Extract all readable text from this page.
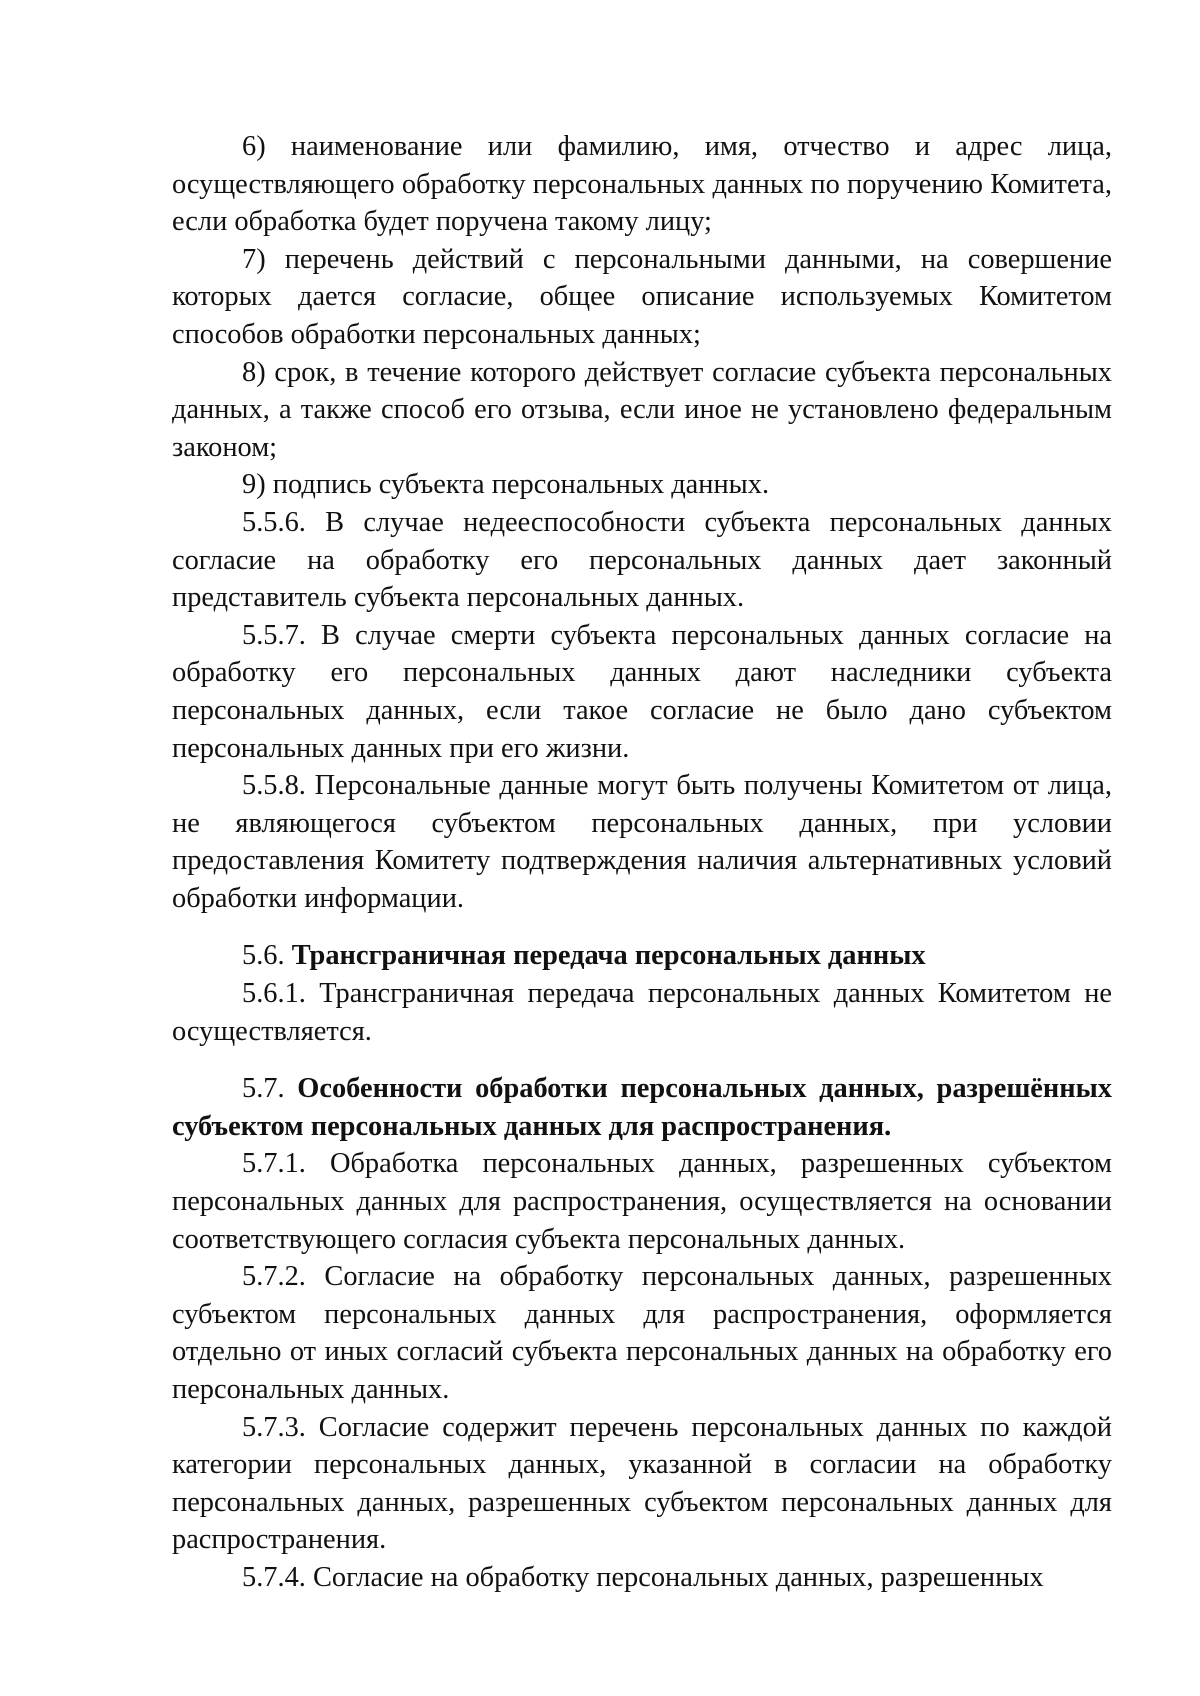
6) наименование или фамилию, имя, отчество и адрес лица, осуществляющего обработку персональных данных по поручению Комитета, если обработка будет поручена такому лицу;

7) перечень действий с персональными данными, на совершение которых дается согласие, общее описание используемых Комитетом способов обработки персональных данных;

8) срок, в течение которого действует согласие субъекта персональных данных, а также способ его отзыва, если иное не установлено федеральным законом;

9) подпись субъекта персональных данных.

5.5.6. В случае недееспособности субъекта персональных данных согласие на обработку его персональных данных дает законный представитель субъекта персональных данных.

5.5.7. В случае смерти субъекта персональных данных согласие на обработку его персональных данных дают наследники субъекта персональных данных, если такое согласие не было дано субъектом персональных данных при его жизни.

5.5.8. Персональные данные могут быть получены Комитетом от лица, не являющегося субъектом персональных данных, при условии предоставления Комитету подтверждения наличия альтернативных условий обработки информации.

5.6. Трансграничная передача персональных данных

5.6.1. Трансграничная передача персональных данных Комитетом не осуществляется.

5.7. Особенности обработки персональных данных, разрешённых субъектом персональных данных для распространения.

5.7.1. Обработка персональных данных, разрешенных субъектом персональных данных для распространения, осуществляется на основании соответствующего согласия субъекта персональных данных.

5.7.2. Согласие на обработку персональных данных, разрешенных субъектом персональных данных для распространения, оформляется отдельно от иных согласий субъекта персональных данных на обработку его персональных данных.

5.7.3. Согласие содержит перечень персональных данных по каждой категории персональных данных, указанной в согласии на обработку персональных данных, разрешенных субъектом персональных данных для распространения.

5.7.4. Согласие на обработку персональных данных, разрешенных
